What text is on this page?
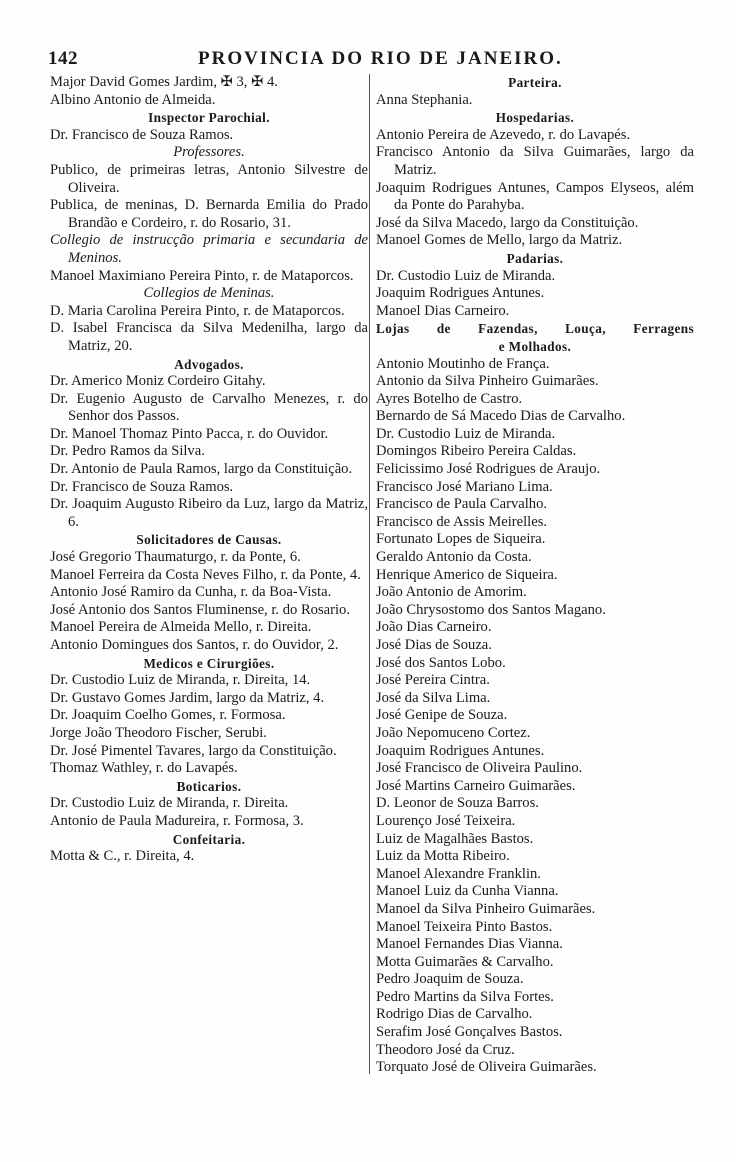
142	PROVINCIA DO RIO DE JANEIRO.

Major David Gomes Jardim, ✠ 3, ✠ 4.

Albino Antonio de Almeida.

Inspector Parochial.

Dr. Francisco de Souza Ramos.

Professores.

Publico, de primeiras letras, Antonio Silvestre de Oliveira.

Publica, de meninas, D. Bernarda Emilia do Prado Brandão e Cordeiro, r. do Rosario, 31.

Collegio de instrucção primaria e secundaria de Meninos.

Manoel Maximiano Pereira Pinto, r. de Mataporcos.

Collegios de Meninas.

D. Maria Carolina Pereira Pinto, r. de Mataporcos.

D. Isabel Francisca da Silva Medenilha, largo da Matriz, 20.

Advogados.

Dr. Americo Moniz Cordeiro Gitahy.

Dr. Eugenio Augusto de Carvalho Menezes, r. do Senhor dos Passos.

Dr. Manoel Thomaz Pinto Pacca, r. do Ouvidor.

Dr. Pedro Ramos da Silva.

Dr. Antonio de Paula Ramos, largo da Constituição.

Dr. Francisco de Souza Ramos.

Dr. Joaquim Augusto Ribeiro da Luz, largo da Matriz, 6.

Solicitadores de Causas.

José Gregorio Thaumaturgo, r. da Ponte, 6.

Manoel Ferreira da Costa Neves Filho, r. da Ponte, 4.

Antonio José Ramiro da Cunha, r. da Boa-Vista.

José Antonio dos Santos Fluminense, r. do Rosario.

Manoel Pereira de Almeida Mello, r. Direita.

Antonio Domingues dos Santos, r. do Ouvidor, 2.

Medicos e Cirurgiões.

Dr. Custodio Luiz de Miranda, r. Direita, 14.

Dr. Gustavo Gomes Jardim, largo da Matriz, 4.

Dr. Joaquim Coelho Gomes, r. Formosa.

Jorge João Theodoro Fischer, Serubi.

Dr. José Pimentel Tavares, largo da Constituição.

Thomaz Wathley, r. do Lavapés.

Boticarios.

Dr. Custodio Luiz de Miranda, r. Direita.

Antonio de Paula Madureira, r. Formosa, 3.

Confeitaria.

Motta & C., r. Direita, 4.

Parteira.

Anna Stephania.

Hospedarias.

Antonio Pereira de Azevedo, r. do Lavapés.

Francisco Antonio da Silva Guimarães, largo da Matriz.

Joaquim Rodrigues Antunes, Campos Elyseos, além da Ponte do Parahyba.

José da Silva Macedo, largo da Constituição.

Manoel Gomes de Mello, largo da Matriz.

Padarias.

Dr. Custodio Luiz de Miranda.

Joaquim Rodrigues Antunes.

Manoel Dias Carneiro.

Lojas de Fazendas, Louça, Ferragens
e Molhados.

Antonio Moutinho de França.

Antonio da Silva Pinheiro Guimarães.

Ayres Botelho de Castro.

Bernardo de Sá Macedo Dias de Carvalho.

Dr. Custodio Luiz de Miranda.

Domingos Ribeiro Pereira Caldas.

Felicissimo José Rodrigues de Araujo.

Francisco José Mariano Lima.

Francisco de Paula Carvalho.

Francisco de Assis Meirelles.

Fortunato Lopes de Siqueira.

Geraldo Antonio da Costa.

Henrique Americo de Siqueira.

João Antonio de Amorim.

João Chrysostomo dos Santos Magano.

João Dias Carneiro.

José Dias de Souza.

José dos Santos Lobo.

José Pereira Cintra.

José da Silva Lima.

José Genipe de Souza.

João Nepomuceno Cortez.

Joaquim Rodrigues Antunes.

José Francisco de Oliveira Paulino.

José Martins Carneiro Guimarães.

D. Leonor de Souza Barros.

Lourenço José Teixeira.

Luiz de Magalhães Bastos.

Luiz da Motta Ribeiro.

Manoel Alexandre Franklin.

Manoel Luiz da Cunha Vianna.

Manoel da Silva Pinheiro Guimarães.

Manoel Teixeira Pinto Bastos.

Manoel Fernandes Dias Vianna.

Motta Guimarães & Carvalho.

Pedro Joaquim de Souza.

Pedro Martins da Silva Fortes.

Rodrigo Dias de Carvalho.

Serafim José Gonçalves Bastos.

Theodoro José da Cruz.

Torquato José de Oliveira Guimarães.
